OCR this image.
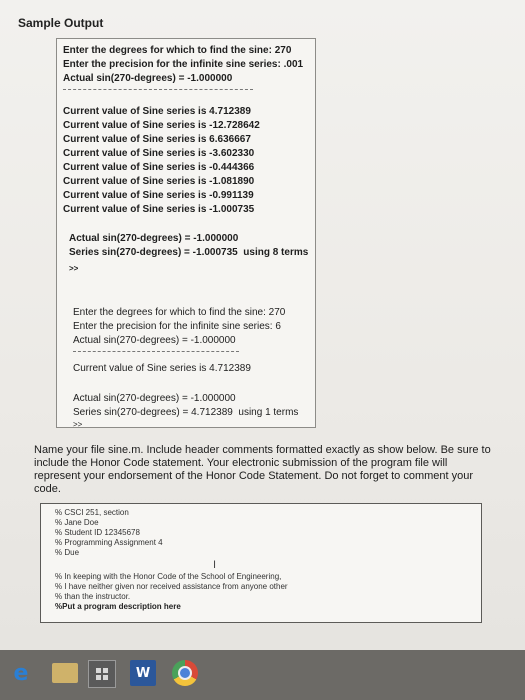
Sample Output
Enter the degrees for which to find the sine: 270
Enter the precision for the infinite sine series: .001
Actual sin(270-degrees) = -1.000000
Current value of Sine series is 4.712389
Current value of Sine series is -12.728642
Current value of Sine series is 6.636667
Current value of Sine series is -3.602330
Current value of Sine series is -0.444366
Current value of Sine series is -1.081890
Current value of Sine series is -0.991139
Current value of Sine series is -1.000735
Actual sin(270-degrees) = -1.000000
Series sin(270-degrees) = -1.000735  using 8 terms
>>
Enter the degrees for which to find the sine: 270
Enter the precision for the infinite sine series: 6
Actual sin(270-degrees) = -1.000000
Current value of Sine series is 4.712389
Actual sin(270-degrees) = -1.000000
Series sin(270-degrees) = 4.712389  using 1 terms
>>
Name your file sine.m. Include header comments formatted exactly as show below. Be sure to include the Honor Code statement. Your electronic submission of the program file will represent your endorsement of the Honor Code Statement. Do not forget to comment your code.
% CSCI 251, section
% Jane Doe
% Student ID 12345678
% Programming Assignment 4
% Due
I
% In keeping with the Honor Code of the School of Engineering,
% I have neither given nor received assistance from anyone other
% than the instructor.
%Put a program description here
e	W
